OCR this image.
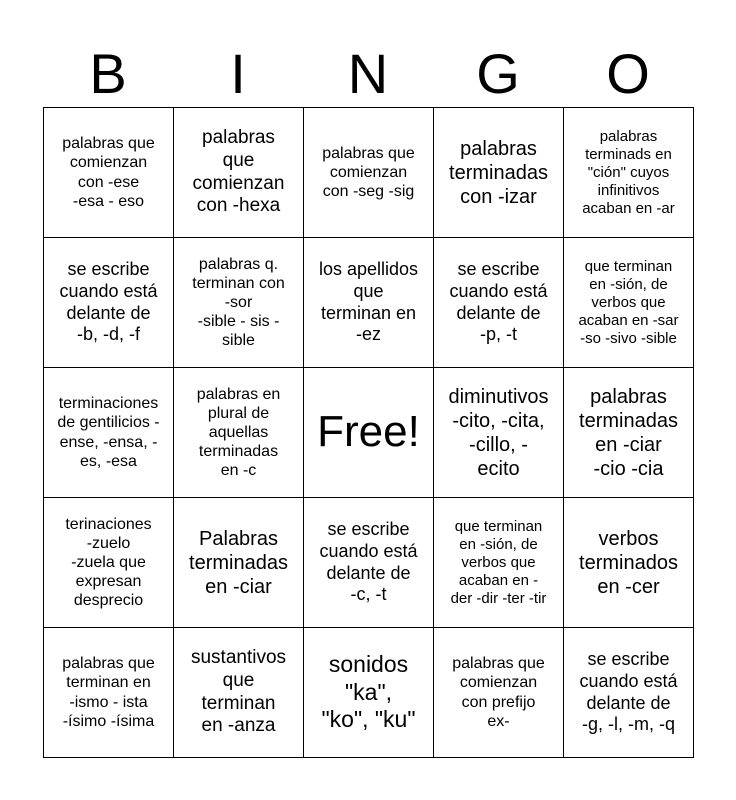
B	I	N	G	O
palabras que
comienzan
con -ese
-esa - eso	palabras
que
comienzan
con -hexa	palabras que
comienzan
con -seg -sig	palabras
terminadas
con -izar	palabras
terminads en
"ción" cuyos
infinitivos
acaban en -ar
se escribe
cuando está
delante de
-b, -d, -f	palabras q.
terminan con
-sor
-sible - sis -
sible	los apellidos
que
terminan en
-ez	se escribe
cuando está
delante de
-p, -t	que terminan
en -sión, de
verbos que
acaban en -sar
-so -sivo -sible
terminaciones
de gentilicios -
ense, -ensa, -
es, -esa	palabras en
plural de
aquellas
terminadas
en -c	Free!	diminutivos
-cito, -cita,
-cillo, -
ecito	palabras
terminadas
en -ciar
-cio -cia
terinaciones
-zuelo
-zuela que
expresan
desprecio	Palabras
terminadas
en -ciar	se escribe
cuando está
delante de
-c, -t	que terminan
en -sión, de
verbos que
acaban en -
der -dir -ter -tir	verbos
terminados
en -cer
palabras que
terminan en
-ismo - ista
-ísimo -ísima	sustantivos
que
terminan
en -anza	sonidos
"ka",
"ko", "ku"	palabras que
comienzan
con prefijo
ex-	se escribe
cuando está
delante de
-g, -l, -m, -q
